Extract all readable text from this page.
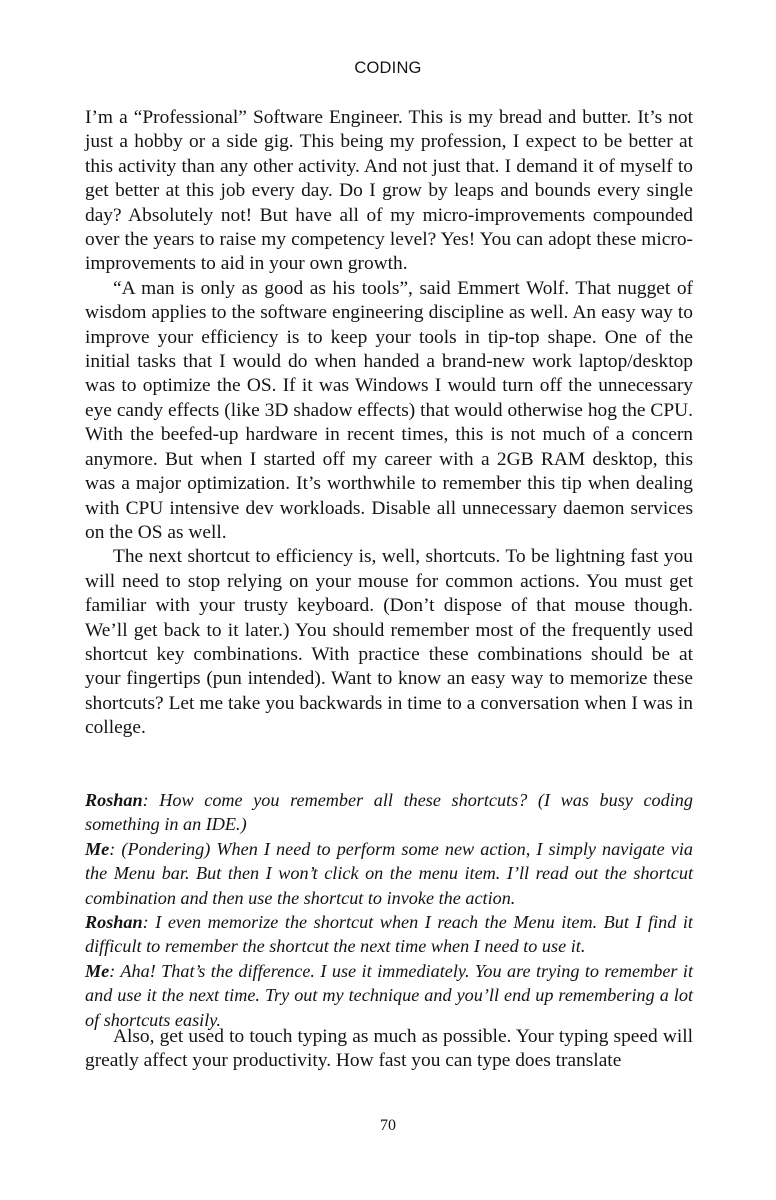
CODING

I’m a “Professional” Software Engineer. This is my bread and butter. It’s not just a hobby or a side gig. This being my profession, I expect to be better at this activity than any other activity. And not just that. I demand it of myself to get better at this job every day. Do I grow by leaps and bounds every single day? Absolutely not! But have all of my micro-improvements compounded over the years to raise my competency level? Yes! You can adopt these micro-improvements to aid in your own growth.

“A man is only as good as his tools”, said Emmert Wolf. That nugget of wisdom applies to the software engineering discipline as well. An easy way to improve your efficiency is to keep your tools in tip-top shape. One of the initial tasks that I would do when handed a brand-new work laptop/desktop was to optimize the OS. If it was Windows I would turn off the unnecessary eye candy effects (like 3D shadow effects) that would otherwise hog the CPU. With the beefed-up hardware in recent times, this is not much of a concern anymore. But when I started off my career with a 2GB RAM desktop, this was a major optimization. It’s worthwhile to remember this tip when dealing with CPU intensive dev workloads. Disable all unnecessary daemon services on the OS as well.

The next shortcut to efficiency is, well, shortcuts. To be lightning fast you will need to stop relying on your mouse for common actions. You must get familiar with your trusty keyboard. (Don’t dispose of that mouse though. We’ll get back to it later.) You should remember most of the frequently used shortcut key combinations. With practice these combinations should be at your fingertips (pun intended). Want to know an easy way to memorize these shortcuts? Let me take you backwards in time to a conversation when I was in college.

Roshan: How come you remember all these shortcuts? (I was busy coding something in an IDE.)

Me: (Pondering) When I need to perform some new action, I simply navigate via the Menu bar. But then I won’t click on the menu item. I’ll read out the shortcut combination and then use the shortcut to invoke the action.

Roshan: I even memorize the shortcut when I reach the Menu item. But I find it difficult to remember the shortcut the next time when I need to use it.

Me: Aha! That’s the difference. I use it immediately. You are trying to remember it and use it the next time. Try out my technique and you’ll end up remembering a lot of shortcuts easily.

Also, get used to touch typing as much as possible. Your typing speed will greatly affect your productivity. How fast you can type does translate

70
